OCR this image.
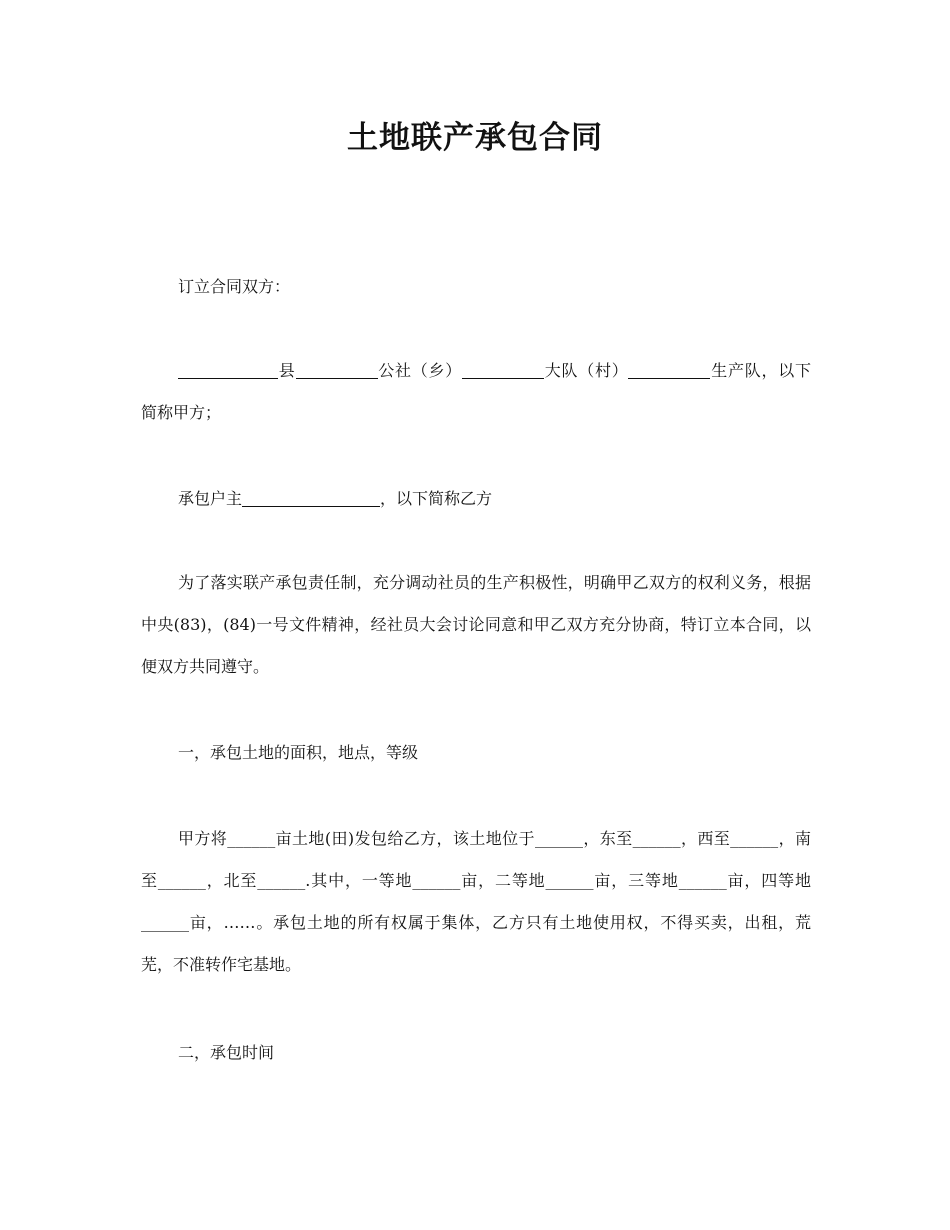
土地联产承包合同

订立合同双方：

县	公社（乡）	大队（村）	生产队，以下简称甲方；

承包户主	，以下简称乙方

为了落实联产承包责任制，充分调动社员的生产积极性，明确甲乙双方的权利义务，根据中央(83)，(84)一号文件精神，经社员大会讨论同意和甲乙双方充分协商，特订立本合同，以便双方共同遵守。

一，承包土地的面积，地点，等级

甲方将______亩土地(田)发包给乙方，该土地位于______，东至______，西至______，南至______，北至______.其中，一等地______亩，二等地______亩，三等地______亩，四等地______亩，……。承包土地的所有权属于集体，乙方只有土地使用权，不得买卖，出租，荒芜，不准转作宅基地。

二，承包时间
